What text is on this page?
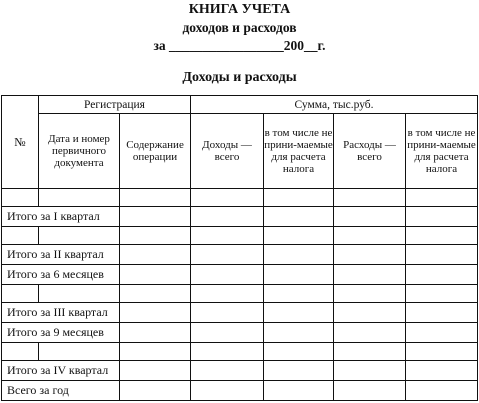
КНИГА УЧЕТА
доходов и расходов
за _________________200__г.
Доходы и расходы
№	Регистрация		Сумма, тыс.руб.			
	Дата и номер первичного документа	Содержание операции	Доходы — всего	в том числе не прини-маемые для расчета налога	Расходы — всего	в том числе не прини-маемые для расчета налога

Итого за I квартал						

Итого за II квартал						
Итого за 6 месяцев						

Итого за III квартал						
Итого за 9 месяцев						

Итого за IV квартал						
Всего за год						
